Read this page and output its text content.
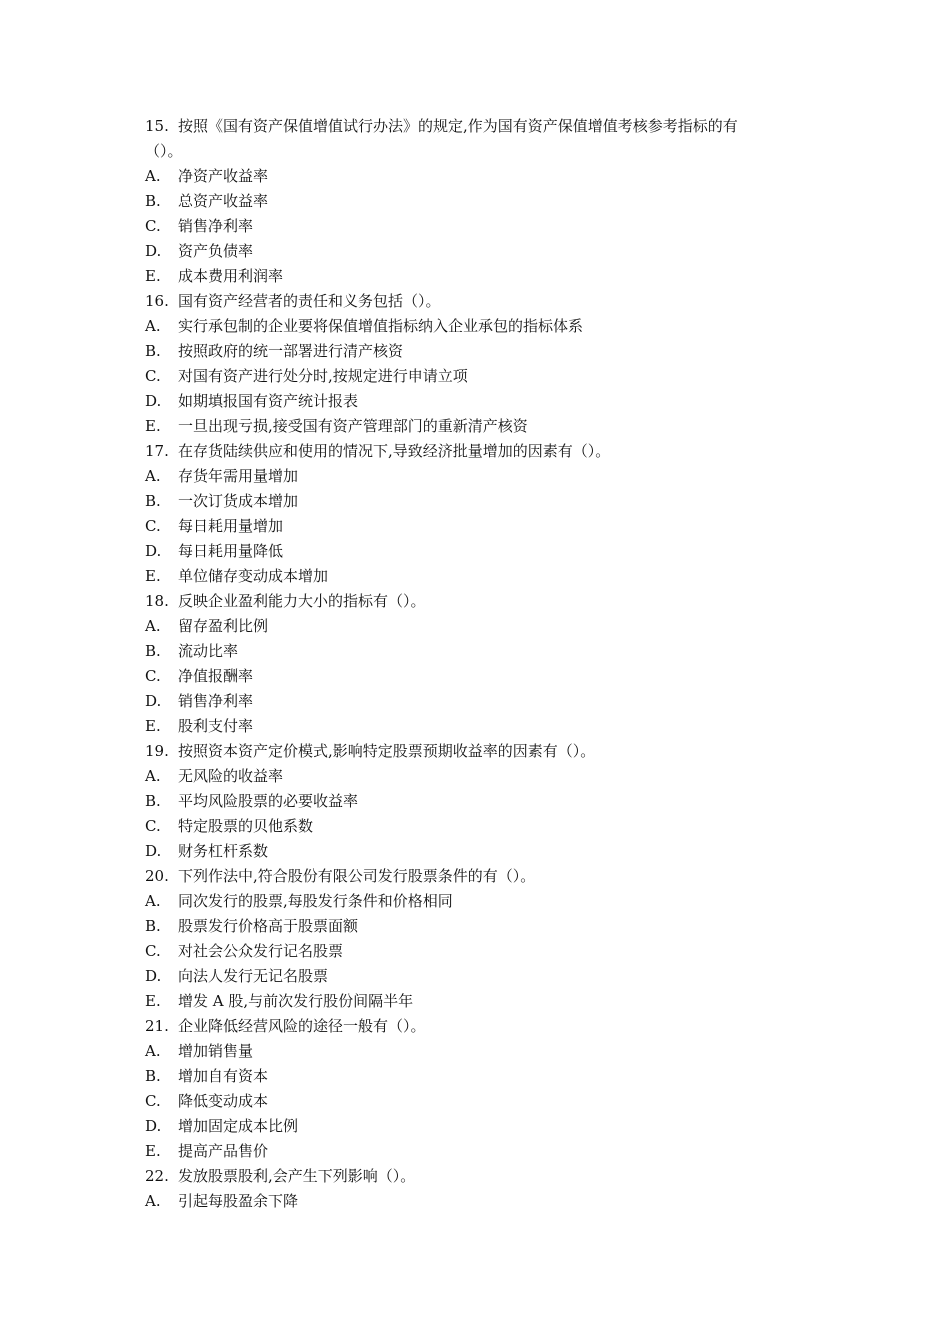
15. 按照《国有资产保值增值试行办法》的规定,作为国有资产保值增值考核参考指标的有
（）。
A.	净资产收益率
B.	总资产收益率
C.	销售净利率
D.	资产负债率
E.	成本费用利润率
16. 国有资产经营者的责任和义务包括（）。
A.	实行承包制的企业要将保值增值指标纳入企业承包的指标体系
B.	按照政府的统一部署进行清产核资
C.	对国有资产进行处分时,按规定进行申请立项
D.	如期填报国有资产统计报表
E.	一旦出现亏损,接受国有资产管理部门的重新清产核资
17. 在存货陆续供应和使用的情况下,导致经济批量增加的因素有（）。
A.	存货年需用量增加
B.	一次订货成本增加
C.	每日耗用量增加
D.	每日耗用量降低
E.	单位储存变动成本增加
18. 反映企业盈利能力大小的指标有（）。
A.	留存盈利比例
B.	流动比率
C.	净值报酬率
D.	销售净利率
E.	股利支付率
19. 按照资本资产定价模式,影响特定股票预期收益率的因素有（）。
A.	无风险的收益率
B.	平均风险股票的必要收益率
C.	特定股票的贝他系数
D.	财务杠杆系数
20. 下列作法中,符合股份有限公司发行股票条件的有（）。
A.	同次发行的股票,每股发行条件和价格相同
B.	股票发行价格高于股票面额
C.	对社会公众发行记名股票
D.	向法人发行无记名股票
E.	增发 A 股,与前次发行股份间隔半年
21. 企业降低经营风险的途径一般有（）。
A.	增加销售量
B.	增加自有资本
C.	降低变动成本
D.	增加固定成本比例
E.	提高产品售价
22. 发放股票股利,会产生下列影响（）。
A.	引起每股盈余下降
